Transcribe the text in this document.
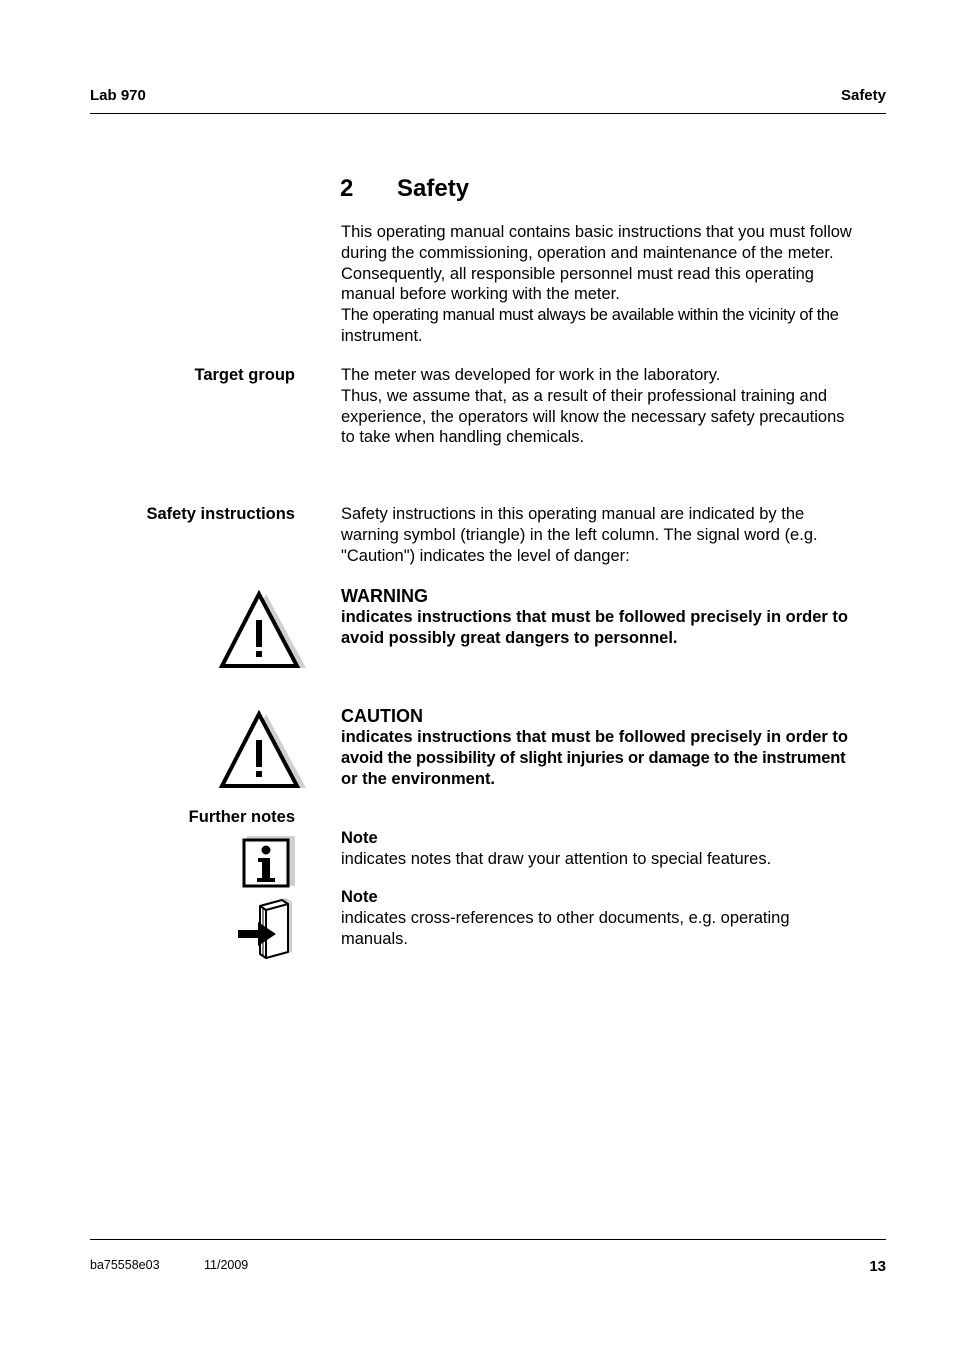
Lab 970	Safety
2 Safety
This operating manual contains basic instructions that you must follow
during the commissioning, operation and maintenance of the meter.
Consequently, all responsible personnel must read this operating
manual before working with the meter.
The operating manual must always be available within the vicinity of the
instrument.
Target group	The meter was developed for work in the laboratory.
Thus, we assume that, as a result of their professional training and
experience, the operators will know the necessary safety precautions
to take when handling chemicals.
Safety instructions	Safety instructions in this operating manual are indicated by the
warning symbol (triangle) in the left column. The signal word (e.g.
"Caution") indicates the level of danger:
WARNING
indicates instructions that must be followed precisely in order to
avoid possibly great dangers to personnel.
CAUTION
indicates instructions that must be followed precisely in order to
avoid the possibility of slight injuries or damage to the instrument
or the environment.
Further notes
Note
indicates notes that draw your attention to special features.
Note
indicates cross-references to other documents, e.g. operating
manuals.
ba75558e03	11/2009	13
